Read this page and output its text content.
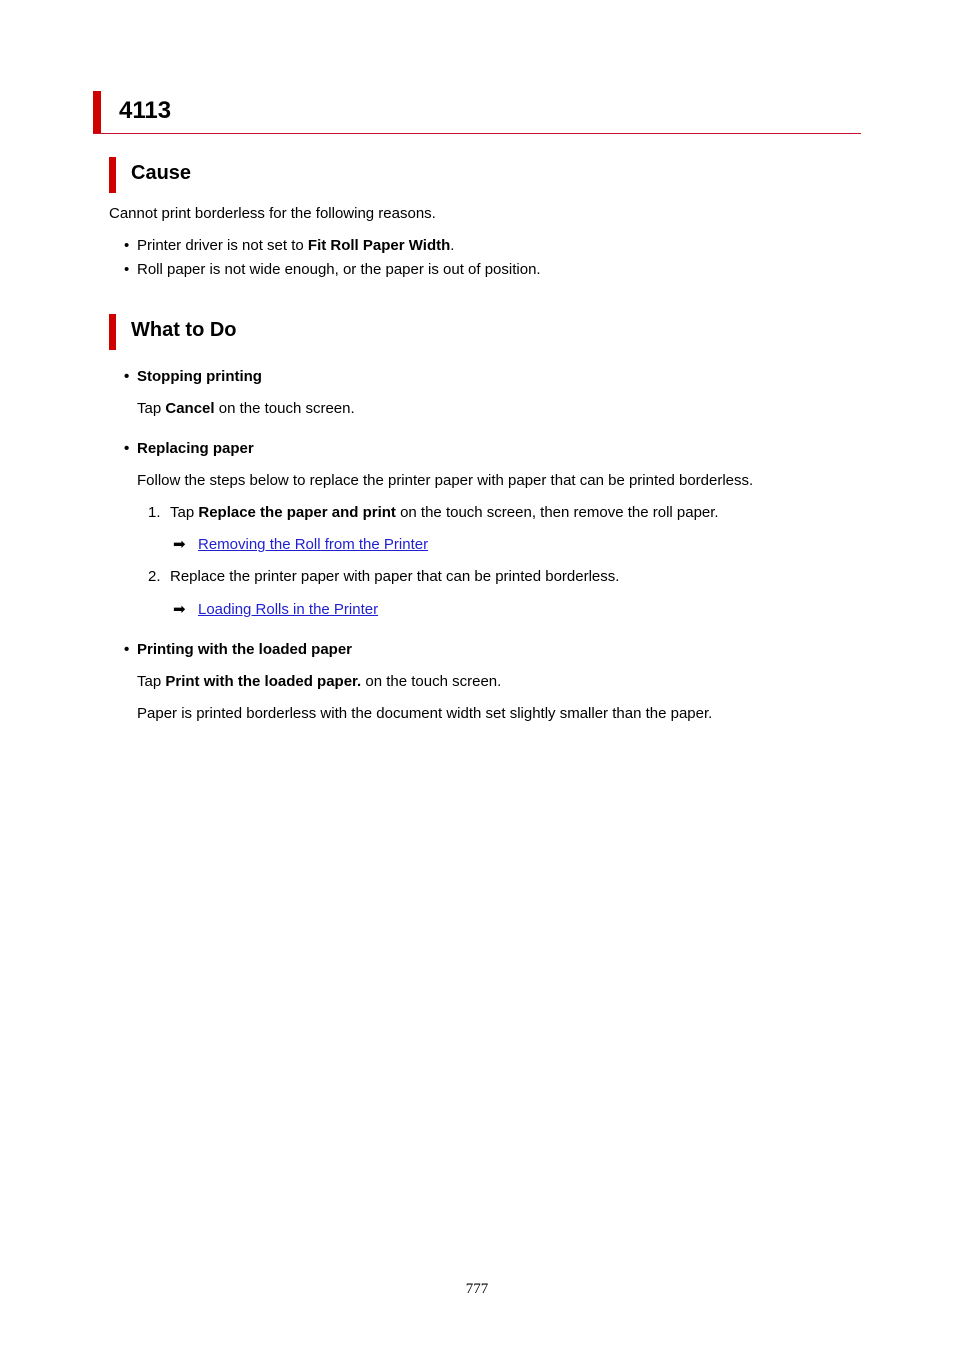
4113
Cause
Cannot print borderless for the following reasons.
• Printer driver is not set to Fit Roll Paper Width.
• Roll paper is not wide enough, or the paper is out of position.
What to Do
• Stopping printing
Tap Cancel on the touch screen.
• Replacing paper
Follow the steps below to replace the printer paper with paper that can be printed borderless.
1. Tap Replace the paper and print on the touch screen, then remove the roll paper.
➡ Removing the Roll from the Printer
2. Replace the printer paper with paper that can be printed borderless.
➡ Loading Rolls in the Printer
• Printing with the loaded paper
Tap Print with the loaded paper. on the touch screen.
Paper is printed borderless with the document width set slightly smaller than the paper.
777
